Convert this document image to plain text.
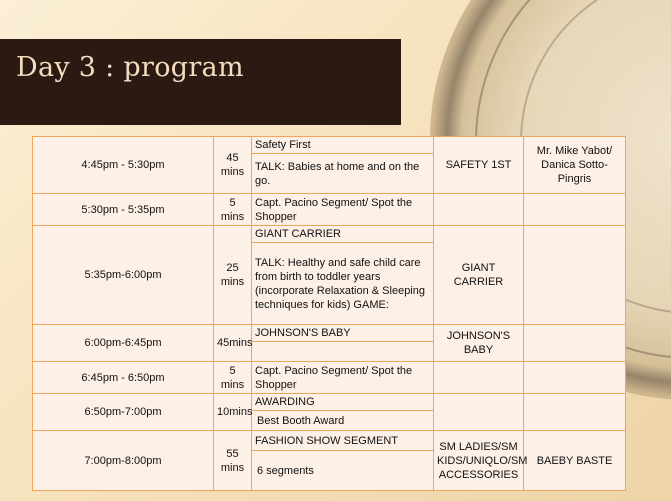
Day 3 : program
4:45pm - 5:30pm	45 mins	Safety First	SAFETY 1ST	Mr. Mike Yabot/ Danica Sotto-Pingris
		TALK: Babies at home and on the go.		
5:30pm - 5:35pm	5 mins	Capt. Pacino Segment/ Spot the Shopper		
5:35pm-6:00pm	25 mins	GIANT CARRIER	GIANT CARRIER	
		TALK: Healthy and safe child care from birth to toddler years (incorporate Relaxation & Sleeping techniques for kids) GAME:		
6:00pm-6:45pm	45mins	JOHNSON'S BABY	JOHNSON'S BABY	

6:45pm - 6:50pm	5 mins	Capt. Pacino Segment/ Spot the Shopper		
6:50pm-7:00pm	10mins	AWARDING		
		Best Booth Award		
7:00pm-8:00pm	55 mins	FASHION SHOW SEGMENT	SM LADIES/SM KIDS/UNIQLO/SM ACCESSORIES	BAEBY BASTE
		6 segments		
